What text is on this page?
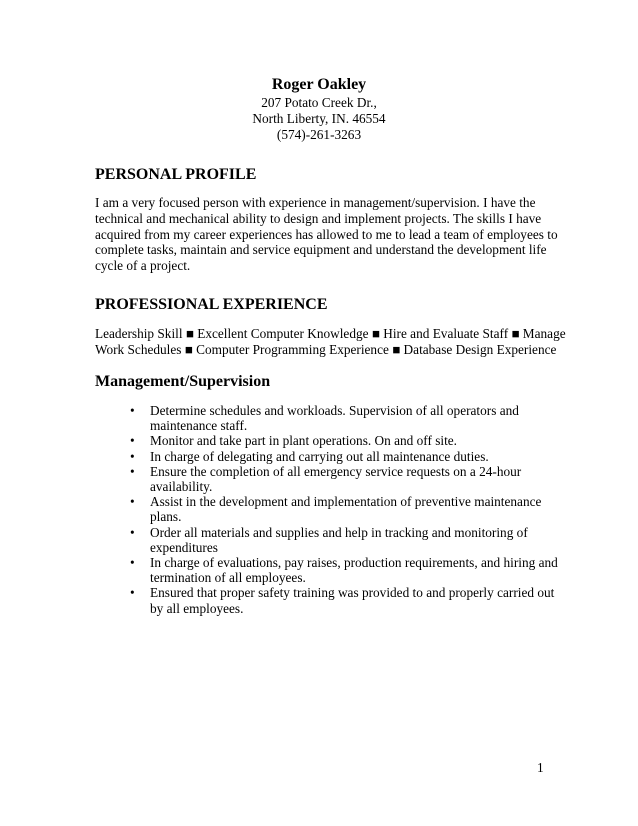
Roger Oakley
207 Potato Creek Dr.,
North Liberty, IN. 46554
(574)-261-3263
PERSONAL PROFILE
I am a very focused person with experience in management/supervision. I have the
technical and mechanical ability to design and implement projects. The skills I have
acquired from my career experiences has allowed to me to lead a team of employees to
complete tasks, maintain and service equipment and understand the development life
cycle of a project.
PROFESSIONAL EXPERIENCE
Leadership Skill ■ Excellent Computer Knowledge ■ Hire and Evaluate Staff ■ Manage
Work Schedules ■ Computer Programming Experience ■ Database Design Experience
Management/Supervision
• Determine schedules and workloads. Supervision of all operators and
maintenance staff.
• Monitor and take part in plant operations. On and off site.
• In charge of delegating and carrying out all maintenance duties.
• Ensure the completion of all emergency service requests on a 24-hour
availability.
• Assist in the development and implementation of preventive maintenance
plans.
• Order all materials and supplies and help in tracking and monitoring of
expenditures
• In charge of evaluations, pay raises, production requirements, and hiring and
termination of all employees.
• Ensured that proper safety training was provided to and properly carried out
by all employees.
1
